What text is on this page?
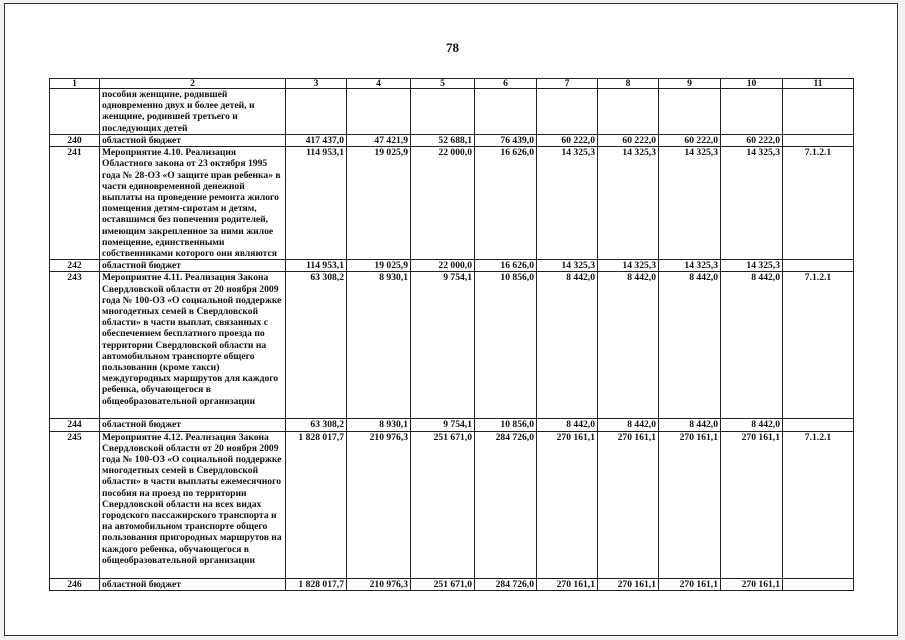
78
1	2	3	4	5	6	7	8	9	10	11
	пособия женщине, родившей одновременно двух и более детей, и женщине, родившей третьего и последующих детей									
240	областной бюджет	417 437,0	47 421,9	52 688,1	76 439,0	60 222,0	60 222,0	60 222,0	60 222,0	
241	Мероприятие 4.10. Реализация Областного закона от 23 октября 1995 года № 28-ОЗ «О защите прав ребенка» в части единовременной денежной выплаты на проведение ремонта жилого помещения детям-сиротам и детям, оставшимся без попечения родителей, имеющим закрепленное за ними жилое помещение, единственными собственниками которого они являются	114 953,1	19 025,9	22 000,0	16 626,0	14 325,3	14 325,3	14 325,3	14 325,3	7.1.2.1
242	областной бюджет	114 953,1	19 025,9	22 000,0	16 626,0	14 325,3	14 325,3	14 325,3	14 325,3	
243	Мероприятие 4.11. Реализация Закона Свердловской области от 20 ноября 2009 года № 100-ОЗ «О социальной поддержке многодетных семей в Свердловской области» в части выплат, связанных с обеспечением бесплатного проезда по территории Свердловской области на автомобильном транспорте общего пользования (кроме такси) междугородных маршрутов для каждого ребенка, обучающегося в общеобразовательной организации	63 308,2	8 930,1	9 754,1	10 856,0	8 442,0	8 442,0	8 442,0	8 442,0	7.1.2.1
244	областной бюджет	63 308,2	8 930,1	9 754,1	10 856,0	8 442,0	8 442,0	8 442,0	8 442,0	
245	Мероприятие 4.12. Реализация Закона Свердловской области от 20 ноября 2009 года № 100-ОЗ «О социальной поддержке многодетных семей в Свердловской области» в части выплаты ежемесячного пособия на проезд по территории Свердловской области на всех видах городского пассажирского транспорта и на автомобильном транспорте общего пользования пригородных маршрутов на каждого ребенка, обучающегося в общеобразовательной организации	1 828 017,7	210 976,3	251 671,0	284 726,0	270 161,1	270 161,1	270 161,1	270 161,1	7.1.2.1
246	областной бюджет	1 828 017,7	210 976,3	251 671,0	284 726,0	270 161,1	270 161,1	270 161,1	270 161,1	
